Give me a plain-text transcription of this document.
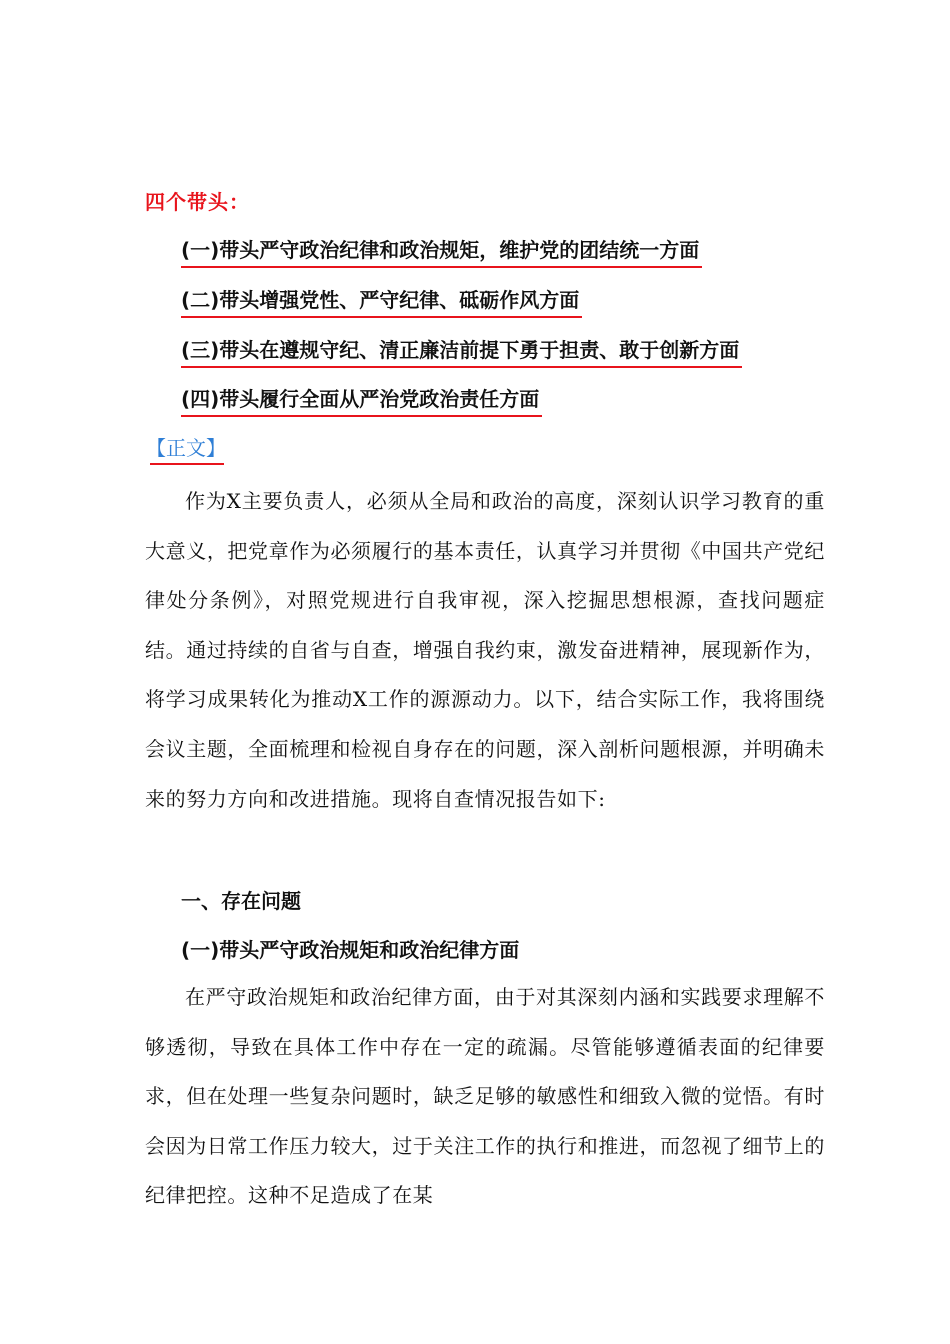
四个带头：
(一)带头严守政治纪律和政治规矩，维护党的团结统一方面
(二)带头增强党性、严守纪律、砥砺作风方面
(三)带头在遵规守纪、清正廉洁前提下勇于担责、敢于创新方面
(四)带头履行全面从严治党政治责任方面
【正文】
作为X主要负责人，必须从全局和政治的高度，深刻认识学习教育的重大意义，把党章作为必须履行的基本责任，认真学习并贯彻《中国共产党纪律处分条例》，对照党规进行自我审视，深入挖掘思想根源，查找问题症结。通过持续的自省与自查，增强自我约束，激发奋进精神，展现新作为，将学习成果转化为推动X工作的源源动力。以下，结合实际工作，我将围绕会议主题，全面梳理和检视自身存在的问题，深入剖析问题根源，并明确未来的努力方向和改进措施。现将自查情况报告如下:
一、存在问题
(一)带头严守政治规矩和政治纪律方面
在严守政治规矩和政治纪律方面，由于对其深刻内涵和实践要求理解不够透彻，导致在具体工作中存在一定的疏漏。尽管能够遵循表面的纪律要求，但在处理一些复杂问题时，缺乏足够的敏感性和细致入微的觉悟。有时会因为日常工作压力较大，过于关注工作的执行和推进，而忽视了细节上的纪律把控。这种不足造成了在某
